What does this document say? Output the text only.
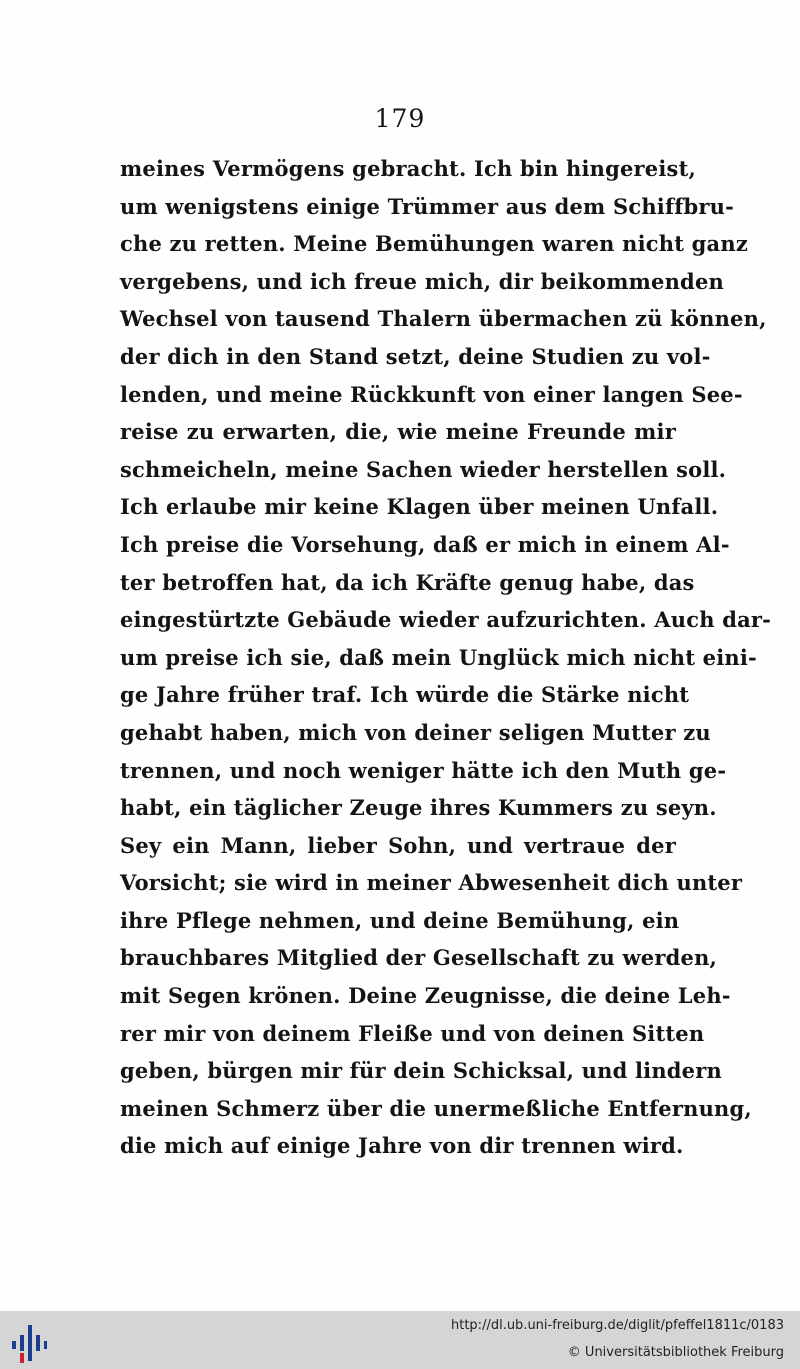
179
meines Vermögens gebracht. Ich bin hingereist,
um wenigstens einige Trümmer aus dem Schiffbru-
che zu retten. Meine Bemühungen waren nicht ganz
vergebens, und ich freue mich, dir beikommenden
Wechsel von tausend Thalern übermachen zü können,
der dich in den Stand setzt, deine Studien zu vol-
lenden, und meine Rückkunft von einer langen See-
reise zu erwarten, die, wie meine Freunde mir
schmeicheln, meine Sachen wieder herstellen soll.
Ich erlaube mir keine Klagen über meinen Unfall.
Ich preise die Vorsehung, daß er mich in einem Al-
ter betroffen hat, da ich Kräfte genug habe, das
eingestürtzte Gebäude wieder aufzurichten. Auch dar-
um preise ich sie, daß mein Unglück mich nicht eini-
ge Jahre früher traf. Ich würde die Stärke nicht
gehabt haben, mich von deiner seligen Mutter zu
trennen, und noch weniger hätte ich den Muth ge-
habt, ein täglicher Zeuge ihres Kummers zu seyn.
Sey ein Mann, lieber Sohn, und vertraue der
Vorsicht; sie wird in meiner Abwesenheit dich unter
ihre Pflege nehmen, und deine Bemühung, ein
brauchbares Mitglied der Gesellschaft zu werden,
mit Segen krönen. Deine Zeugnisse, die deine Leh-
rer mir von deinem Fleiße und von deinen Sitten
geben, bürgen mir für dein Schicksal, und lindern
meinen Schmerz über die unermeßliche Entfernung,
die mich auf einige Jahre von dir trennen wird.
http://dl.ub.uni-freiburg.de/diglit/pfeffel1811c/0183
© Universitätsbibliothek Freiburg
